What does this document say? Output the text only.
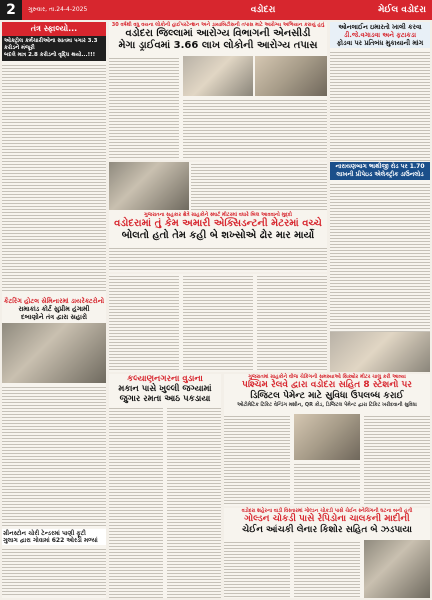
2	ગુરુવાર, તા.24-4-2025	વડોદરા	મેઈલ વડોદરા
તંત્ર સ્ફાલ્યો...
ઓક્ટ્રોલ કર્મચારીઓના સાતમા પગાર 3.3 કરોડને મંજૂરી
બદલે માત્ર 2.8 કરોડનો વૃદ્ધિ થયો...!!!
કૈટરિંગ હોટલ સેમિનારમાં ડાયરેક્ટરોનો
રામાકાંડ કોર્ટ સુપ્રીમ હંગામી
દબાણોને તંત્ર દ્વારા સહારો
ગ્રીનસ્ટોન ચોરી ટેન્ડરમાં પાણી ફૂટી
ગુલાગ દ્વારા ગોવામાં 622 ઓરડાં મળ્યાં
30 વર્ષથી વધુ વયના લોકોની હાઈપરટેન્શન અને ડાયાબિટીસની તપાસ માટે આરોગ્ય અભિયાન કરાયું હતું
વડોદરા જિલ્લામાં આરોગ્ય વિભાગની એનસીડી
મેગા ડ્રાઈવમાં 3.66 લાખ લોકોની આરોગ્ય તપાસ
ઓનલાઈન ઇમારતો ખાલી કરવા
ડી.જે.વગાડવા અને ફટાકડા
ફોડવા પર પ્રતિબંધ મુકાયાની માંગ
નારાયણબાગ ભાથીજી રોડ પર 1.70
લાખની પ્રીપેઇડ એલેક્ટ્રીક ડાઉનલોડ
ગુજરાતના સહકાર ક્ષેત્રે ગ્રાહકોને સ્માર્ટ મીટરમાં વધારે બિલ આવવાનો મુદ્દો
વડોદરામાં તું કેમ અમારી એક્સિડન્ટની મેટરમાં વચ્ચે
બોલતો હતો તેમ કહી બે શખ્સોએ ઢોર માર માર્યો
કલ્યાણનગરના વુડાના
મકાન પાસે ખુલ્લી જગ્યામાં
જુગાર રમતા આઠ પકડાયા
ગુજરાતમાં ગ્રાહકોને વીજ ચેકિંગની સમસ્યાઓ સિક્યોર મીટર ચાલુ કરી આવ્યા
પશ્ચિમ રેલવે દ્વારા વડોદરા સહિત 8 સ્ટેશનો પર
ડિજિટલ પેમેન્ટ માટે સુવિધા ઉપલબ્ધ કરાઈ
ઓટોમેટિક ટિકિટ વેન્ડિંગ મશીન, QR કોડ, ડિજિટલ પેમેન્ટ દ્વારા ટિકિટ ખરીદવાની સુવિધા
વડોદરા શહેરના વાડી વિસ્તારમાં ગોલ્ડન ચોકડી પાસે ચેઈન સ્નેચિંગની ઘટના બની હતી
ગોલ્ડન ચોકડી પાસે રેપિડોના ચાલકની માદીની
ચેઈન આંચકી લેનાર કિશોર સહિત બે ઝડપાયા
